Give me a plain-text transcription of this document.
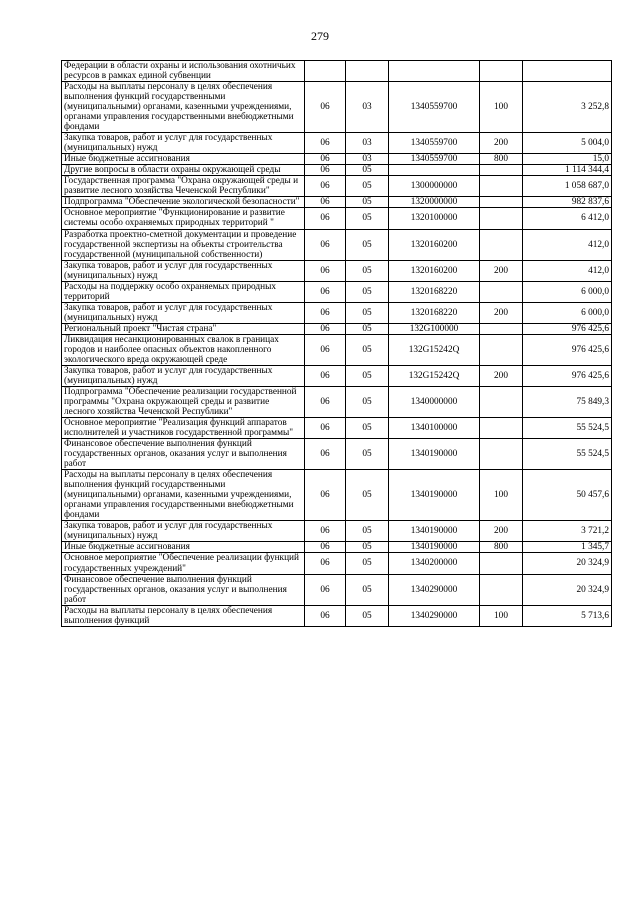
279
Федерации в области охраны и использования охотничьих ресурсов в рамках единой субвенции					
Расходы на выплаты персоналу в целях обеспечения выполнения функций государственными (муниципальными) органами, казенными учреждениями, органами управления государственными внебюджетными фондами	06	03	1340559700	100	3 252,8
Закупка товаров, работ и услуг для государственных (муниципальных) нужд	06	03	1340559700	200	5 004,0
Иные бюджетные ассигнования	06	03	1340559700	800	15,0
Другие вопросы в области охраны окружающей среды	06	05			1 114 344,4
Государственная программа "Охрана окружающей среды и развитие лесного хозяйства Чеченской Республики"	06	05	1300000000		1 058 687,0
Подпрограмма "Обеспечение экологической безопасности"	06	05	1320000000		982 837,6
Основное мероприятие "Функционирование и развитие системы особо охраняемых природных территорий "	06	05	1320100000		6 412,0
Разработка проектно-сметной документации и проведение государственной экспертизы на объекты строительства государственной (муниципальной собственности)	06	05	1320160200		412,0
Закупка товаров, работ и услуг для государственных (муниципальных) нужд	06	05	1320160200	200	412,0
Расходы на поддержку особо охраняемых природных территорий	06	05	1320168220		6 000,0
Закупка товаров, работ и услуг для государственных (муниципальных) нужд	06	05	1320168220	200	6 000,0
Региональный проект "Чистая страна"	06	05	132G100000		976 425,6
Ликвидация несанкционированных свалок в границах городов и наиболее опасных объектов накопленного экологического вреда окружающей среде	06	05	132G15242Q		976 425,6
Закупка товаров, работ и услуг для государственных (муниципальных) нужд	06	05	132G15242Q	200	976 425,6
Подпрограмма "Обеспечение реализации государственной программы "Охрана окружающей среды и развитие лесного хозяйства Чеченской Республики"	06	05	1340000000		75 849,3
Основное мероприятие "Реализация функций аппаратов исполнителей и участников государственной программы"	06	05	1340100000		55 524,5
Финансовое обеспечение выполнения функций государственных органов, оказания услуг и выполнения работ	06	05	1340190000		55 524,5
Расходы на выплаты персоналу в целях обеспечения выполнения функций государственными (муниципальными) органами, казенными учреждениями, органами управления государственными внебюджетными фондами	06	05	1340190000	100	50 457,6
Закупка товаров, работ и услуг для государственных (муниципальных) нужд	06	05	1340190000	200	3 721,2
Иные бюджетные ассигнования	06	05	1340190000	800	1 345,7
Основное мероприятие "Обеспечение реализации функций государственных учреждений"	06	05	1340200000		20 324,9
Финансовое обеспечение выполнения функций государственных органов, оказания услуг и выполнения работ	06	05	1340290000		20 324,9
Расходы на выплаты персоналу в целях обеспечения выполнения функций	06	05	1340290000	100	5 713,6
